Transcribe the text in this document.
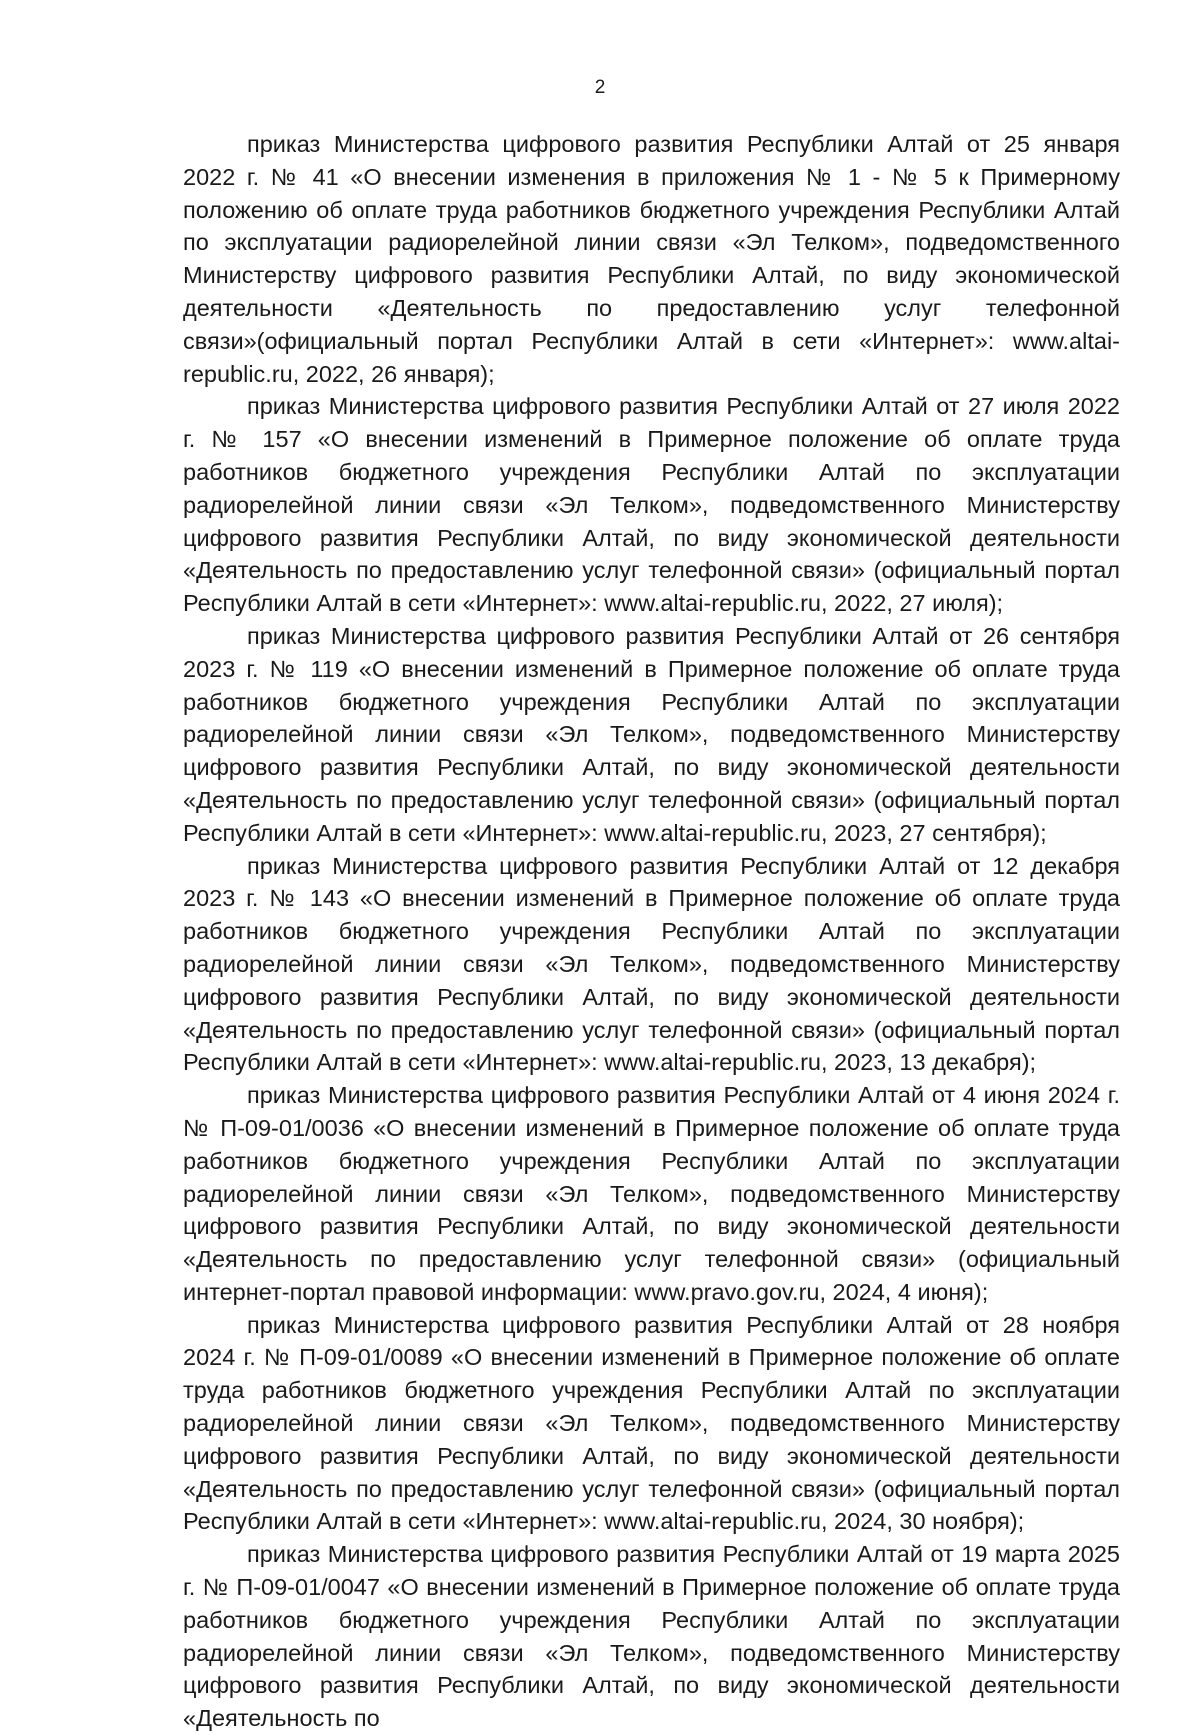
2

приказ Министерства цифрового развития Республики Алтай от 25 января 2022 г. № 41 «О внесении изменения в приложения № 1 - № 5 к Примерному положению об оплате труда работников бюджетного учреждения Республики Алтай по эксплуатации радиорелейной линии связи «Эл Телком», подведомственного Министерству цифрового развития Республики Алтай, по виду экономической деятельности «Деятельность по предоставлению услуг телефонной связи»(официальный портал Республики Алтай в сети «Интернет»: www.altai-republic.ru, 2022, 26 января);

приказ Министерства цифрового развития Республики Алтай от 27 июля 2022 г. № 157 «О внесении изменений в Примерное положение об оплате труда работников бюджетного учреждения Республики Алтай по эксплуатации радиорелейной линии связи «Эл Телком», подведомственного Министерству цифрового развития Республики Алтай, по виду экономической деятельности «Деятельность по предоставлению услуг телефонной связи» (официальный портал Республики Алтай в сети «Интернет»: www.altai-republic.ru, 2022, 27 июля);

приказ Министерства цифрового развития Республики Алтай от 26 сентября 2023 г. № 119 «О внесении изменений в Примерное положение об оплате труда работников бюджетного учреждения Республики Алтай по эксплуатации радиорелейной линии связи «Эл Телком», подведомственного Министерству цифрового развития Республики Алтай, по виду экономической деятельности «Деятельность по предоставлению услуг телефонной связи» (официальный портал Республики Алтай в сети «Интернет»: www.altai-republic.ru, 2023, 27 сентября);

приказ Министерства цифрового развития Республики Алтай от 12 декабря 2023 г. № 143 «О внесении изменений в Примерное положение об оплате труда работников бюджетного учреждения Республики Алтай по эксплуатации радиорелейной линии связи «Эл Телком», подведомственного Министерству цифрового развития Республики Алтай, по виду экономической деятельности «Деятельность по предоставлению услуг телефонной связи» (официальный портал Республики Алтай в сети «Интернет»: www.altai-republic.ru, 2023, 13 декабря);

приказ Министерства цифрового развития Республики Алтай от 4 июня 2024 г. № П-09-01/0036 «О внесении изменений в Примерное положение об оплате труда работников бюджетного учреждения Республики Алтай по эксплуатации радиорелейной линии связи «Эл Телком», подведомственного Министерству цифрового развития Республики Алтай, по виду экономической деятельности «Деятельность по предоставлению услуг телефонной связи» (официальный интернет-портал правовой информации: www.pravo.gov.ru, 2024, 4 июня);

приказ Министерства цифрового развития Республики Алтай от 28 ноября 2024 г. № П-09-01/0089 «О внесении изменений в Примерное положение об оплате труда работников бюджетного учреждения Республики Алтай по эксплуатации радиорелейной линии связи «Эл Телком», подведомственного Министерству цифрового развития Республики Алтай, по виду экономической деятельности «Деятельность по предоставлению услуг телефонной связи» (официальный портал Республики Алтай в сети «Интернет»: www.altai-republic.ru, 2024, 30 ноября);

приказ Министерства цифрового развития Республики Алтай от 19 марта 2025 г. № П-09-01/0047 «О внесении изменений в Примерное положение об оплате труда работников бюджетного учреждения Республики Алтай по эксплуатации радиорелейной линии связи «Эл Телком», подведомственного Министерству цифрового развития Республики Алтай, по виду экономической деятельности «Деятельность по
